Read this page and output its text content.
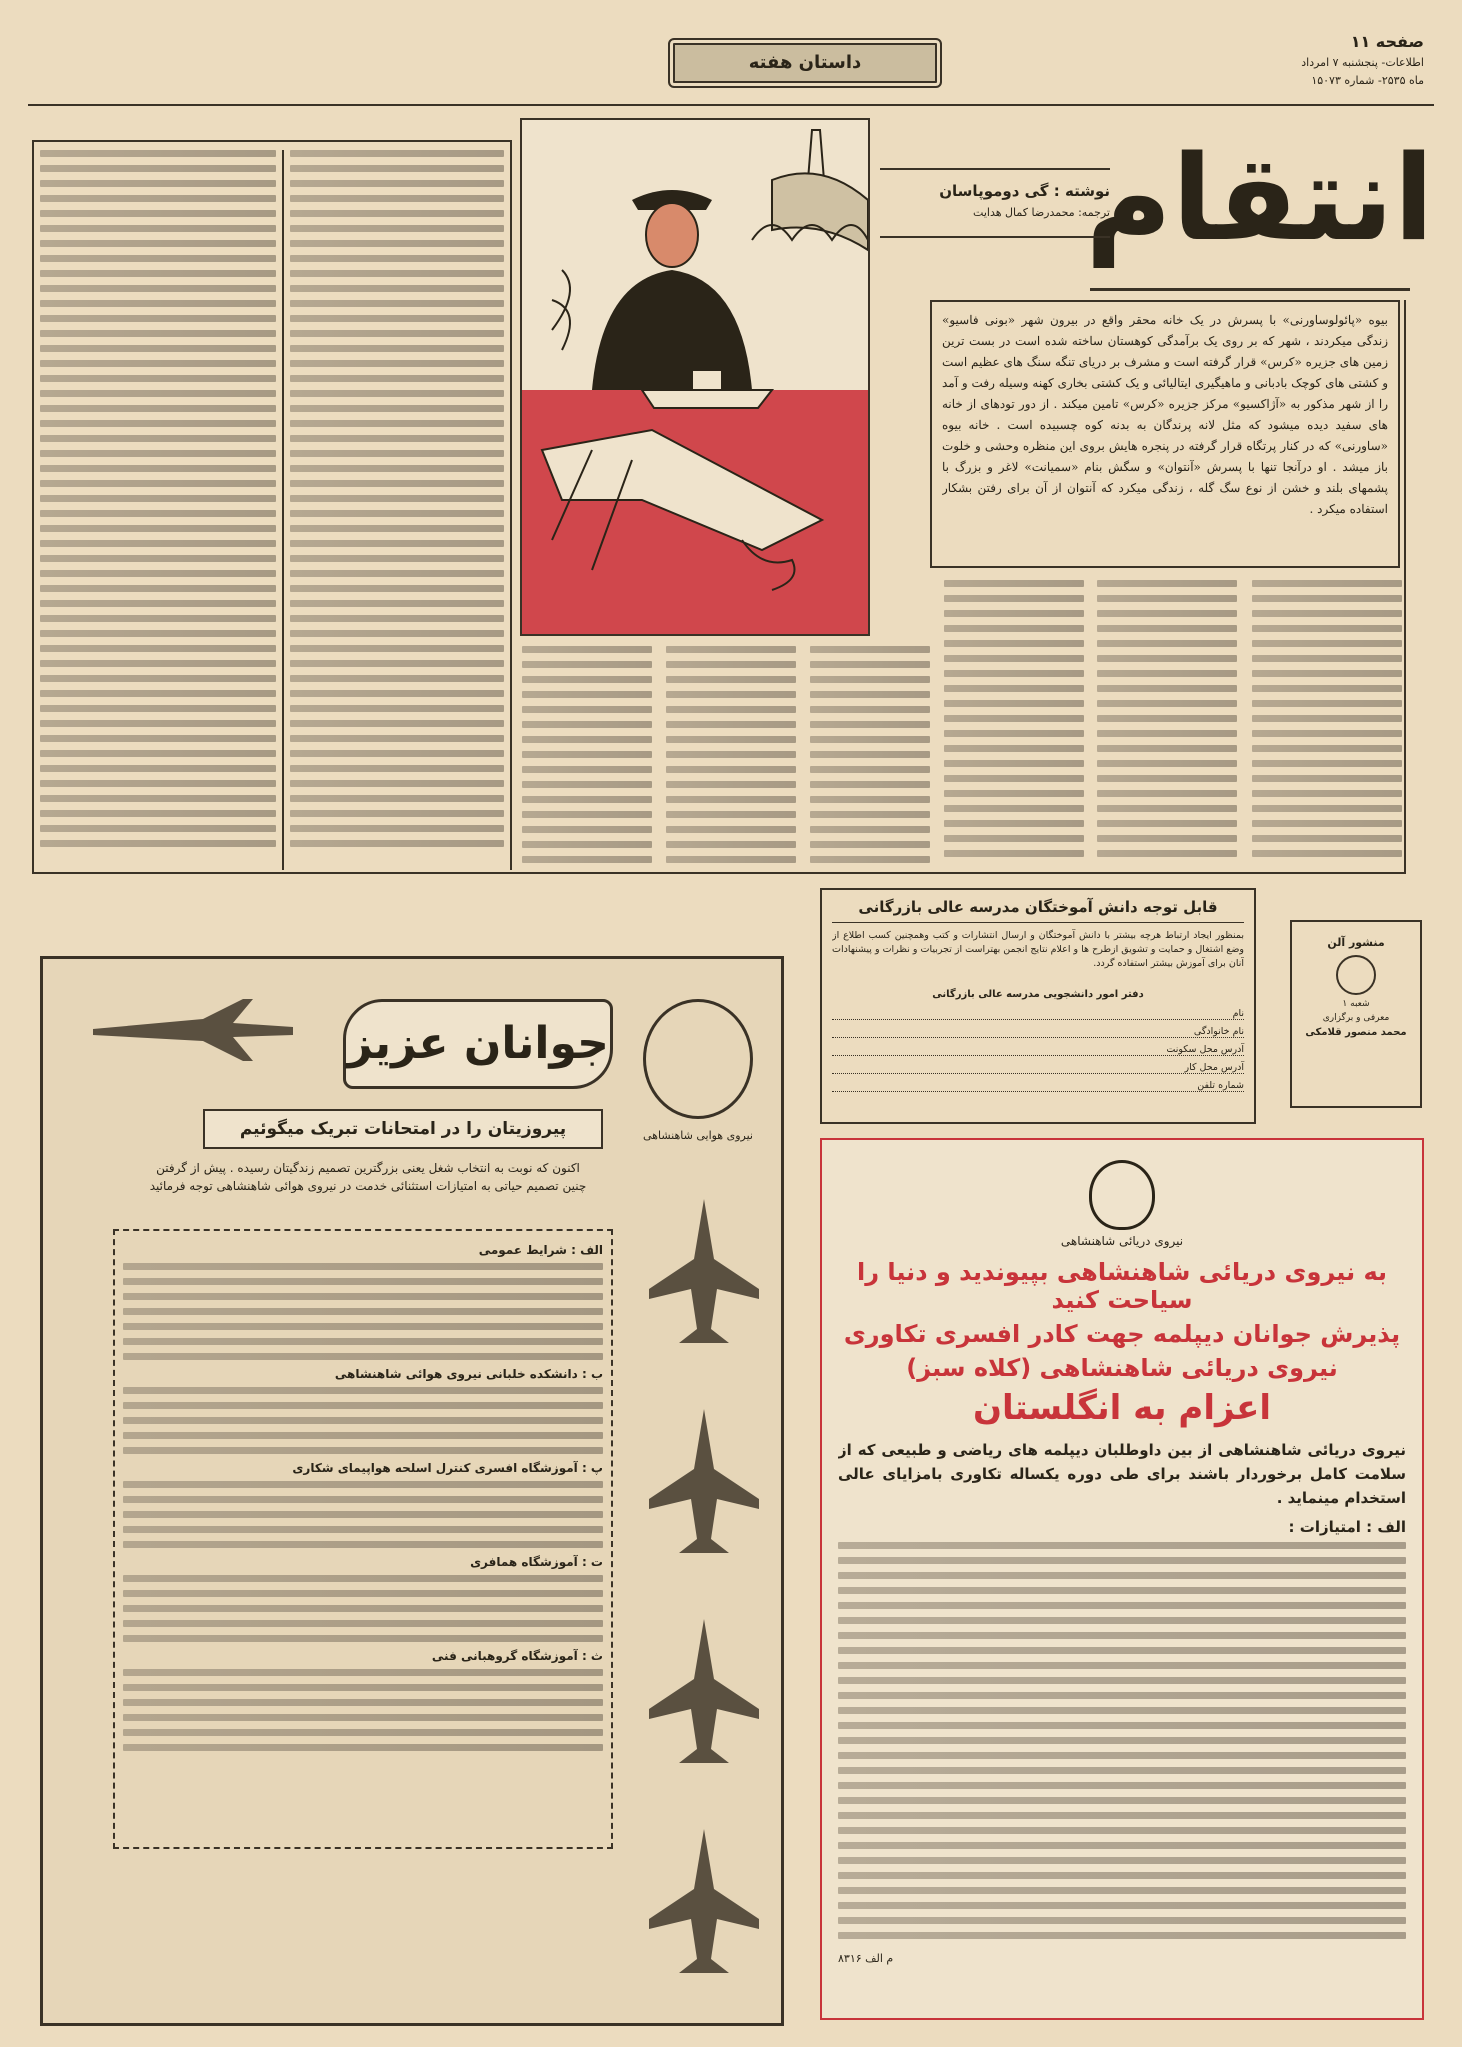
صفحه ۱۱
اطلاعات- پنجشنبه ۷ امرداد
ماه ۲۵۳۵- شماره ۱۵۰۷۳
داستان هفته
انتقام
نوشته : گی دوموپاسان
ترجمه: محمدرضا کمال هدایت
بیوه «پائولوساورنی» با پسرش در یک خانه محقر واقع در بیرون شهر «بونی فاسیو» زندگی میکردند ، شهر که بر روی یک برآمدگی کوهستان ساخته شده است در بست ترین زمین های جزیره «کرس» قرار گرفته است و مشرف بر دریای تنگه سنگ های عظیم است و کشتی های کوچک بادبانی و ماهیگیری ایتالیائی و یک کشتی بخاری کهنه وسیله رفت و آمد را از شهر مذکور به «آژاکسیو» مرکز جزیره «کرس» تامین میکند . از دور تودهای از خانه های سفید دیده میشود که مثل لانه پرندگان به بدنه کوه چسبیده است . خانه بیوه «ساورنی» که در کنار پرتگاه قرار گرفته در پنجره هایش بروی این منظره وحشی و خلوت باز میشد . او درآنجا تنها با پسرش «آنتوان» و سگش بنام «سمیانت» لاغر و بزرگ با پشمهای بلند و خشن از نوع سگ گله ، زندگی میکرد که آنتوان از آن برای رفتن بشکار استفاده میکرد .
قابل توجه دانش آموختگان مدرسه عالی بازرگانی
بمنظور ایجاد ارتباط هرچه بیشتر با دانش آموختگان و ارسال انتشارات و کتب وهمچنین کسب اطلاع از وضع اشتغال و حمایت و تشویق ازطرح ها و اعلام نتایج انجمن بهتراست از تجربیات و نظرات و پیشنهادات آنان برای آموزش بیشتر استفاده گردد.
دفتر امور دانشجویی مدرسه عالی بازرگانی
نام
نام خانوادگی
آدرس محل سکونت
آدرس محل کار
شماره تلفن
منشور آلن
شعبه ۱
معرفی و برگزاری
محمد منصور قلامکی
جوانان عزیز
نیروی هوایی شاهنشاهی
پیروزیتان را در امتحانات تبریک میگوئیم
اکنون که نوبت به انتخاب شغل یعنی بزرگترین تصمیم زندگیتان رسیده . پیش از گرفتن چنین تصمیم حیاتی به امتیازات استثنائی خدمت در نیروی هوائی شاهنشاهی توجه فرمائید
الف : شرایط عمومی
ب : دانشکده خلبانی نیروی هوائی شاهنشاهی
پ : آموزشگاه افسری کنترل اسلحه هواپیمای شکاری
ت : آموزشگاه همافری
ث : آموزشگاه گروهبانی فنی
نیروی دریائی شاهنشاهی
به نیروی دریائی شاهنشاهی بپیوندید و دنیا را سیاحت کنید
پذیرش جوانان دیپلمه جهت کادر افسری تکاوری
نیروی دریائی شاهنشاهی (کلاه سبز)
اعزام به انگلستان
نیروی دریائی شاهنشاهی از بین داوطلبان دیپلمه های ریاضی و طبیعی که از سلامت کامل برخوردار باشند برای طی دوره یکساله تکاوری بامزایای عالی استخدام مینماید .
الف : امتیازات :
م الف ۸۳۱۶
